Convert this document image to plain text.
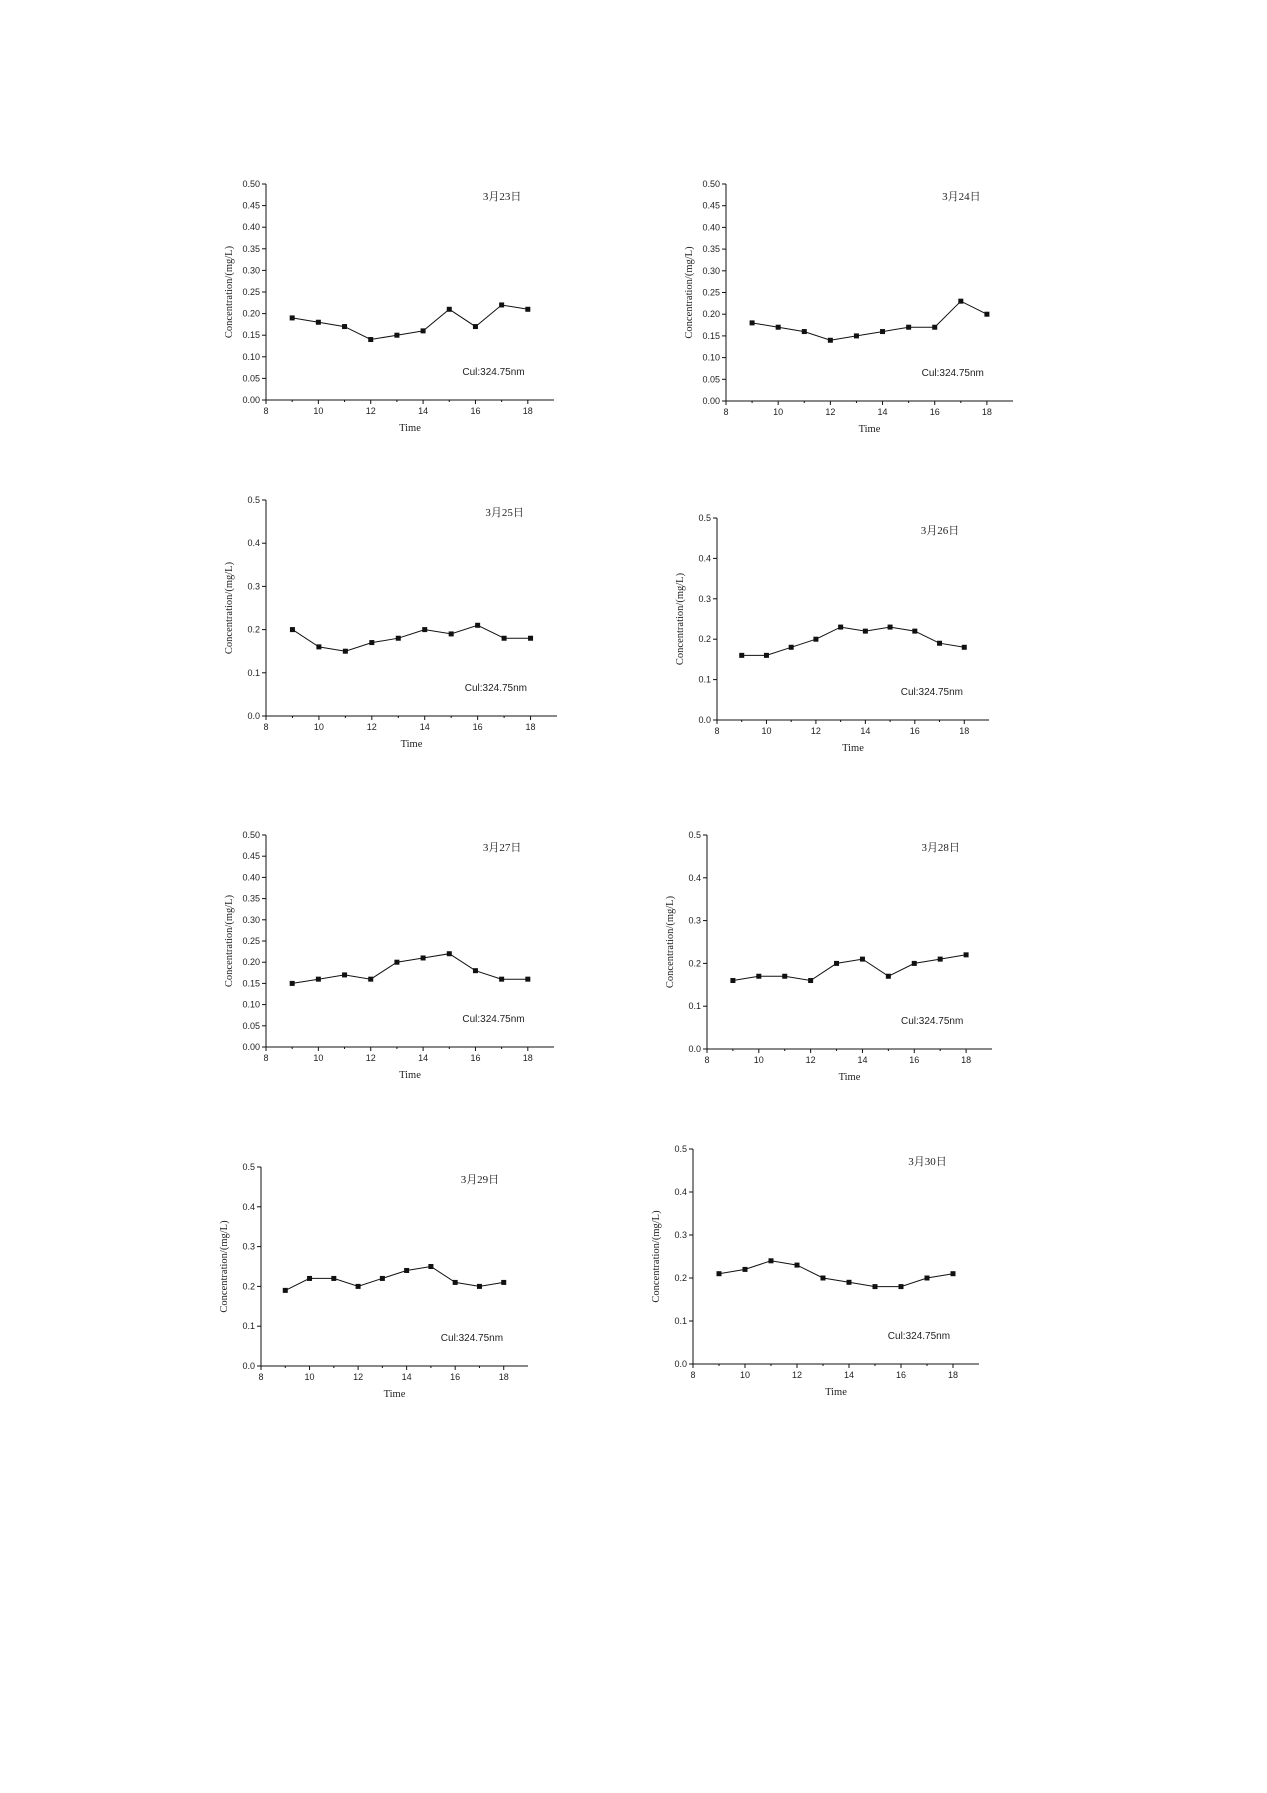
8	10	12	14	16	18
0.00
0.05
0.10
0.15
0.20
0.25
0.30
0.35
0.40
0.45
0.50
3月23日
Cul:324.75nm
Time
Concentration/(mg/L)
8	10	12	14	16	18
0.00
0.05
0.10
0.15
0.20
0.25
0.30
0.35
0.40
0.45
0.50
3月24日
Cul:324.75nm
Time
Concentration/(mg/L)
8	10	12	14	16	18
0.0
0.1
0.2
0.3
0.4
0.5
3月25日
Cul:324.75nm
Time
Concentration/(mg/L)
8	10	12	14	16	18
0.0
0.1
0.2
0.3
0.4
0.5
3月26日
Cul:324.75nm
Time
Concentration/(mg/L)
8	10	12	14	16	18
0.00
0.05
0.10
0.15
0.20
0.25
0.30
0.35
0.40
0.45
0.50
3月27日
Cul:324.75nm
Time
Concentration/(mg/L)
8	10	12	14	16	18
0.0
0.1
0.2
0.3
0.4
0.5
3月28日
Cul:324.75nm
Time
Concentration/(mg/L)
8	10	12	14	16	18
0.0
0.1
0.2
0.3
0.4
0.5
3月29日
Cul:324.75nm
Time
Concentration/(mg/L)
8	10	12	14	16	18
0.0
0.1
0.2
0.3
0.4
0.5
3月30日
Cul:324.75nm
Time
Concentration/(mg/L)
